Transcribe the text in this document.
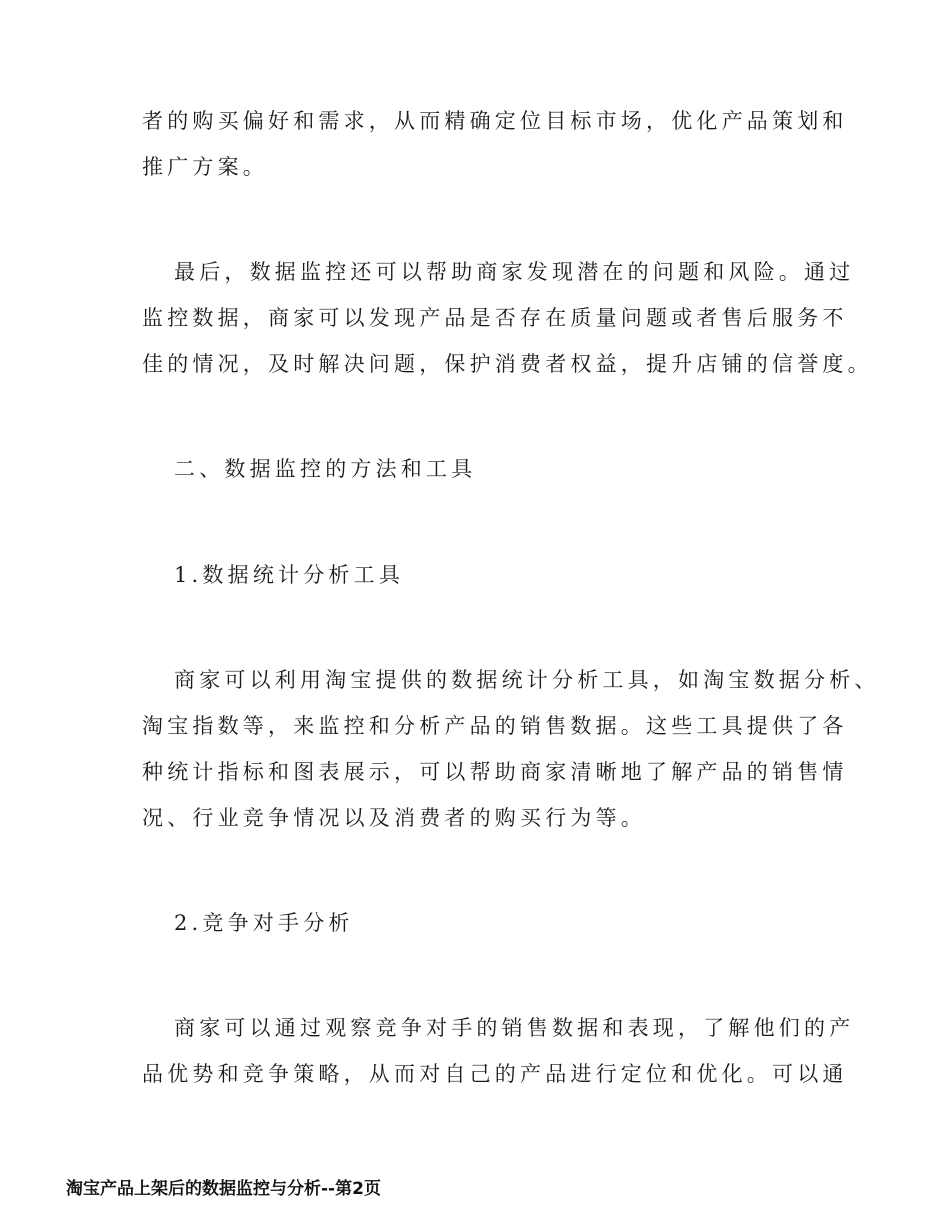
者的购买偏好和需求，从而精确定位目标市场，优化产品策划和
推广方案。
最后，数据监控还可以帮助商家发现潜在的问题和风险。通过
监控数据，商家可以发现产品是否存在质量问题或者售后服务不
佳的情况，及时解决问题，保护消费者权益，提升店铺的信誉度。
二、数据监控的方法和工具
1.数据统计分析工具
商家可以利用淘宝提供的数据统计分析工具，如淘宝数据分析、
淘宝指数等，来监控和分析产品的销售数据。这些工具提供了各
种统计指标和图表展示，可以帮助商家清晰地了解产品的销售情
况、行业竞争情况以及消费者的购买行为等。
2.竞争对手分析
商家可以通过观察竞争对手的销售数据和表现，了解他们的产
品优势和竞争策略，从而对自己的产品进行定位和优化。可以通
淘宝产品上架后的数据监控与分析--第2页
